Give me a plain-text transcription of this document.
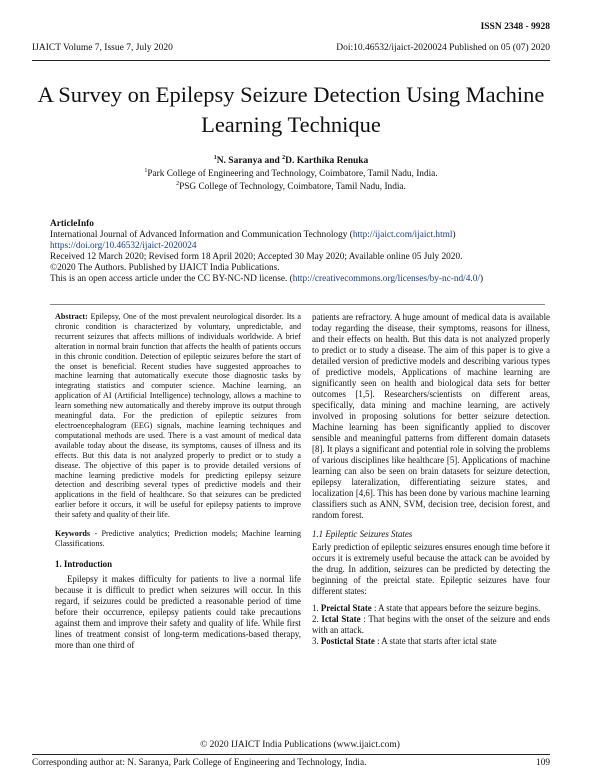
ISSN 2348 - 9928
IJAICT Volume 7, Issue 7, July 2020	Doi:10.46532/ijaict-2020024 Published on 05 (07) 2020
A Survey on Epilepsy Seizure Detection Using Machine Learning Technique
$^1$N. Saranya and $^2$D. Karthika Renuka
$^1$Park College of Engineering and Technology, Coimbatore, Tamil Nadu, India.
$^2$PSG College of Technology, Coimbatore, Tamil Nadu, India.
ArticleInfo
International Journal of Advanced Information and Communication Technology (http://ijaict.com/ijaict.html)
https://doi.org/10.46532/ijaict-2020024
Received 12 March 2020; Revised form 18 April 2020; Accepted 30 May 2020; Available online 05 July 2020.
©2020 The Authors. Published by IJAICT India Publications.
This is an open access article under the CC BY-NC-ND license. (http://creativecommons.org/licenses/by-nc-nd/4.0/)

Abstract: Epilepsy, One of the most prevalent neurological disorder. Its a chronic condition is characterized by voluntary, unpredictable, and recurrent seizures that affects millions of individuals worldwide. A brief alteration in normal brain function that affects the health of patients occurs in this chronic condition. Detection of epileptic seizures before the start of the onset is beneficial. Recent studies have suggested approaches to machine learning that automatically execute those diagnostic tasks by integrating statistics and computer science. Machine learning, an application of AI (Artificial Intelligence) technology, allows a machine to learn something new automatically and thereby improve its output through meaningful data. For the prediction of epileptic seizures from electroencephalogram (EEG) signals, machine learning techniques and computational methods are used. There is a vast amount of medical data available today about the disease, its symptoms, causes of illness and its effects. But this data is not analyzed properly to predict or to study a disease. The objective of this paper is to provide detailed versions of machine learning predictive models for predicting epilepsy seizure detection and describing several types of predictive models and their applications in the field of healthcare. So that seizures can be predicted earlier before it occurs, it will be useful for epilepsy patients to improve their safety and quality of their life.

Keywords - Predictive analytics; Prediction models; Machine learning Classifications.

1. Introduction

Epilepsy it makes difficulty for patients to live a normal life because it is difficult to predict when seizures will occur. In this regard, if seizures could be predicted a reasonable period of time before their occurrence, epilepsy patients could take precautions against them and improve their safety and quality of life. While first lines of treatment consist of long-term medications-based therapy, more than one third of

patients are refractory. A huge amount of medical data is available today regarding the disease, their symptoms, reasons for illness, and their effects on health. But this data is not analyzed properly to predict or to study a disease. The aim of this paper is to give a detailed version of predictive models and describing various types of predictive models, Applications of machine learning are significantly seen on health and biological data sets for better outcomes [1,5]. Researchers/scientists on different areas, specifically, data mining and machine learning, are actively involved in proposing solutions for better seizure detection. Machine learning has been significantly applied to discover sensible and meaningful patterns from different domain datasets [8]. It plays a significant and potential role in solving the problems of various disciplines like healthcare [5]. Applications of machine learning can also be seen on brain datasets for seizure detection, epilepsy lateralization, differentiating seizure states, and localization [4,6]. This has been done by various machine learning classifiers such as ANN, SVM, decision tree, decision forest, and random forest.

1.1 Epileptic Seizures States

Early prediction of epileptic seizures ensures enough time before it occurs it is extremely useful because the attack can be avoided by the drug. In addition, seizures can be predicted by detecting the beginning of the preictal state. Epileptic seizures have four different states:

1. Preictal State : A state that appears before the seizure begins.

2. Ictal State : That begins with the onset of the seizure and ends with an attack.

3. Postictal State : A state that starts after ictal state

© 2020 IJAICT India Publications (www.ijaict.com)
Corresponding author at: N. Saranya, Park College of Engineering and Technology, India.	109
